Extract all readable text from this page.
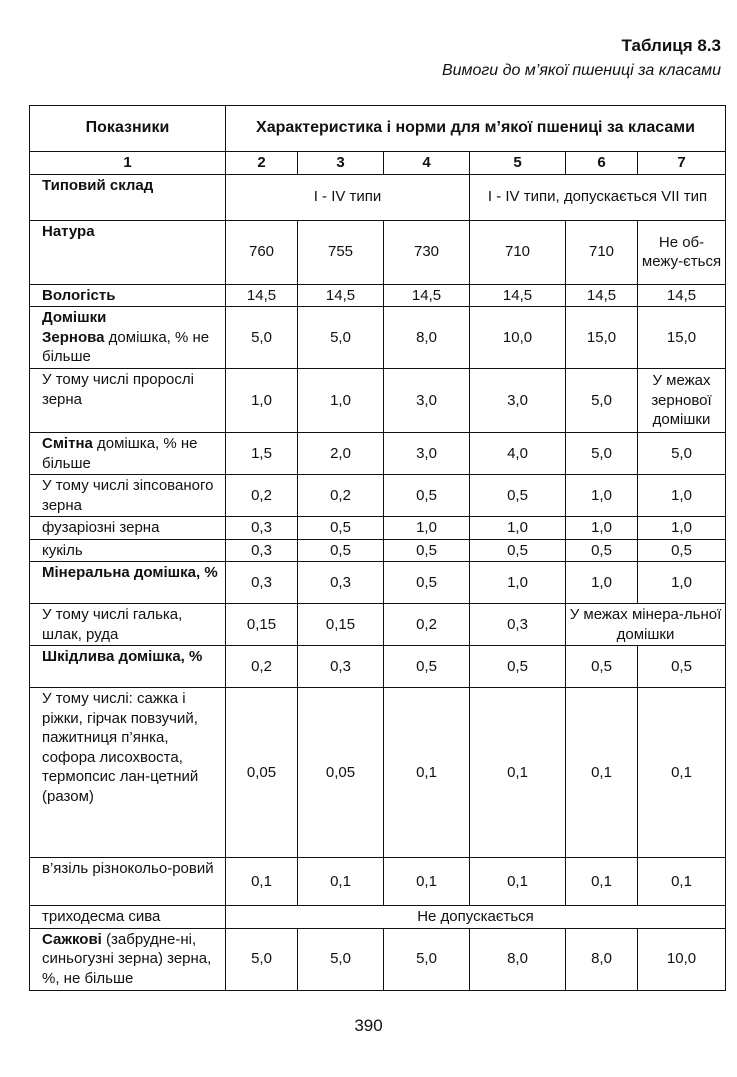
Таблиця 8.3
Вимоги до м’якої пшениці за класами
Показники	Характеристика і норми для м’якої пшениці за класами					
1	2	3	4	5	6	7
Типовий склад	I - IV типи			I - IV типи, допускається VII тип		
Натура	760	755	730	710	710	Не об-межу-ється
Вологість	14,5	14,5	14,5	14,5	14,5	14,5

Домішки
Зернова домішка, % не більше	5,0	5,0	8,0	10,0	15,0	15,0
У тому числі пророслі зерна	1,0	1,0	3,0	3,0	5,0	У межах зернової домішки
Смітна домішка, % не більше	1,5	2,0	3,0	4,0	5,0	5,0
У тому числі зіпсованого зерна	0,2	0,2	0,5	0,5	1,0	1,0
фузаріозні зерна	0,3	0,5	1,0	1,0	1,0	1,0
кукіль	0,3	0,5	0,5	0,5	0,5	0,5
Мінеральна домішка, %	0,3	0,3	0,5	1,0	1,0	1,0
У тому числі галька, шлак, руда	0,15	0,15	0,2	0,3	У межах мінера-льної домішки	
Шкідлива домішка, %	0,2	0,3	0,5	0,5	0,5	0,5
У тому числі: сажка і ріжки, гірчак повзучий, пажитниця п’янка, софора лисохвоста, термопсис лан-цетний (разом)	0,05	0,05	0,1	0,1	0,1	0,1
в’язіль різнокольо-ровий	0,1	0,1	0,1	0,1	0,1	0,1
триходесма сива	Не допускається					
Сажкові (забрудне-ні, синьогузні зерна) зерна, %, не більше	5,0	5,0	5,0	8,0	8,0	10,0
390
